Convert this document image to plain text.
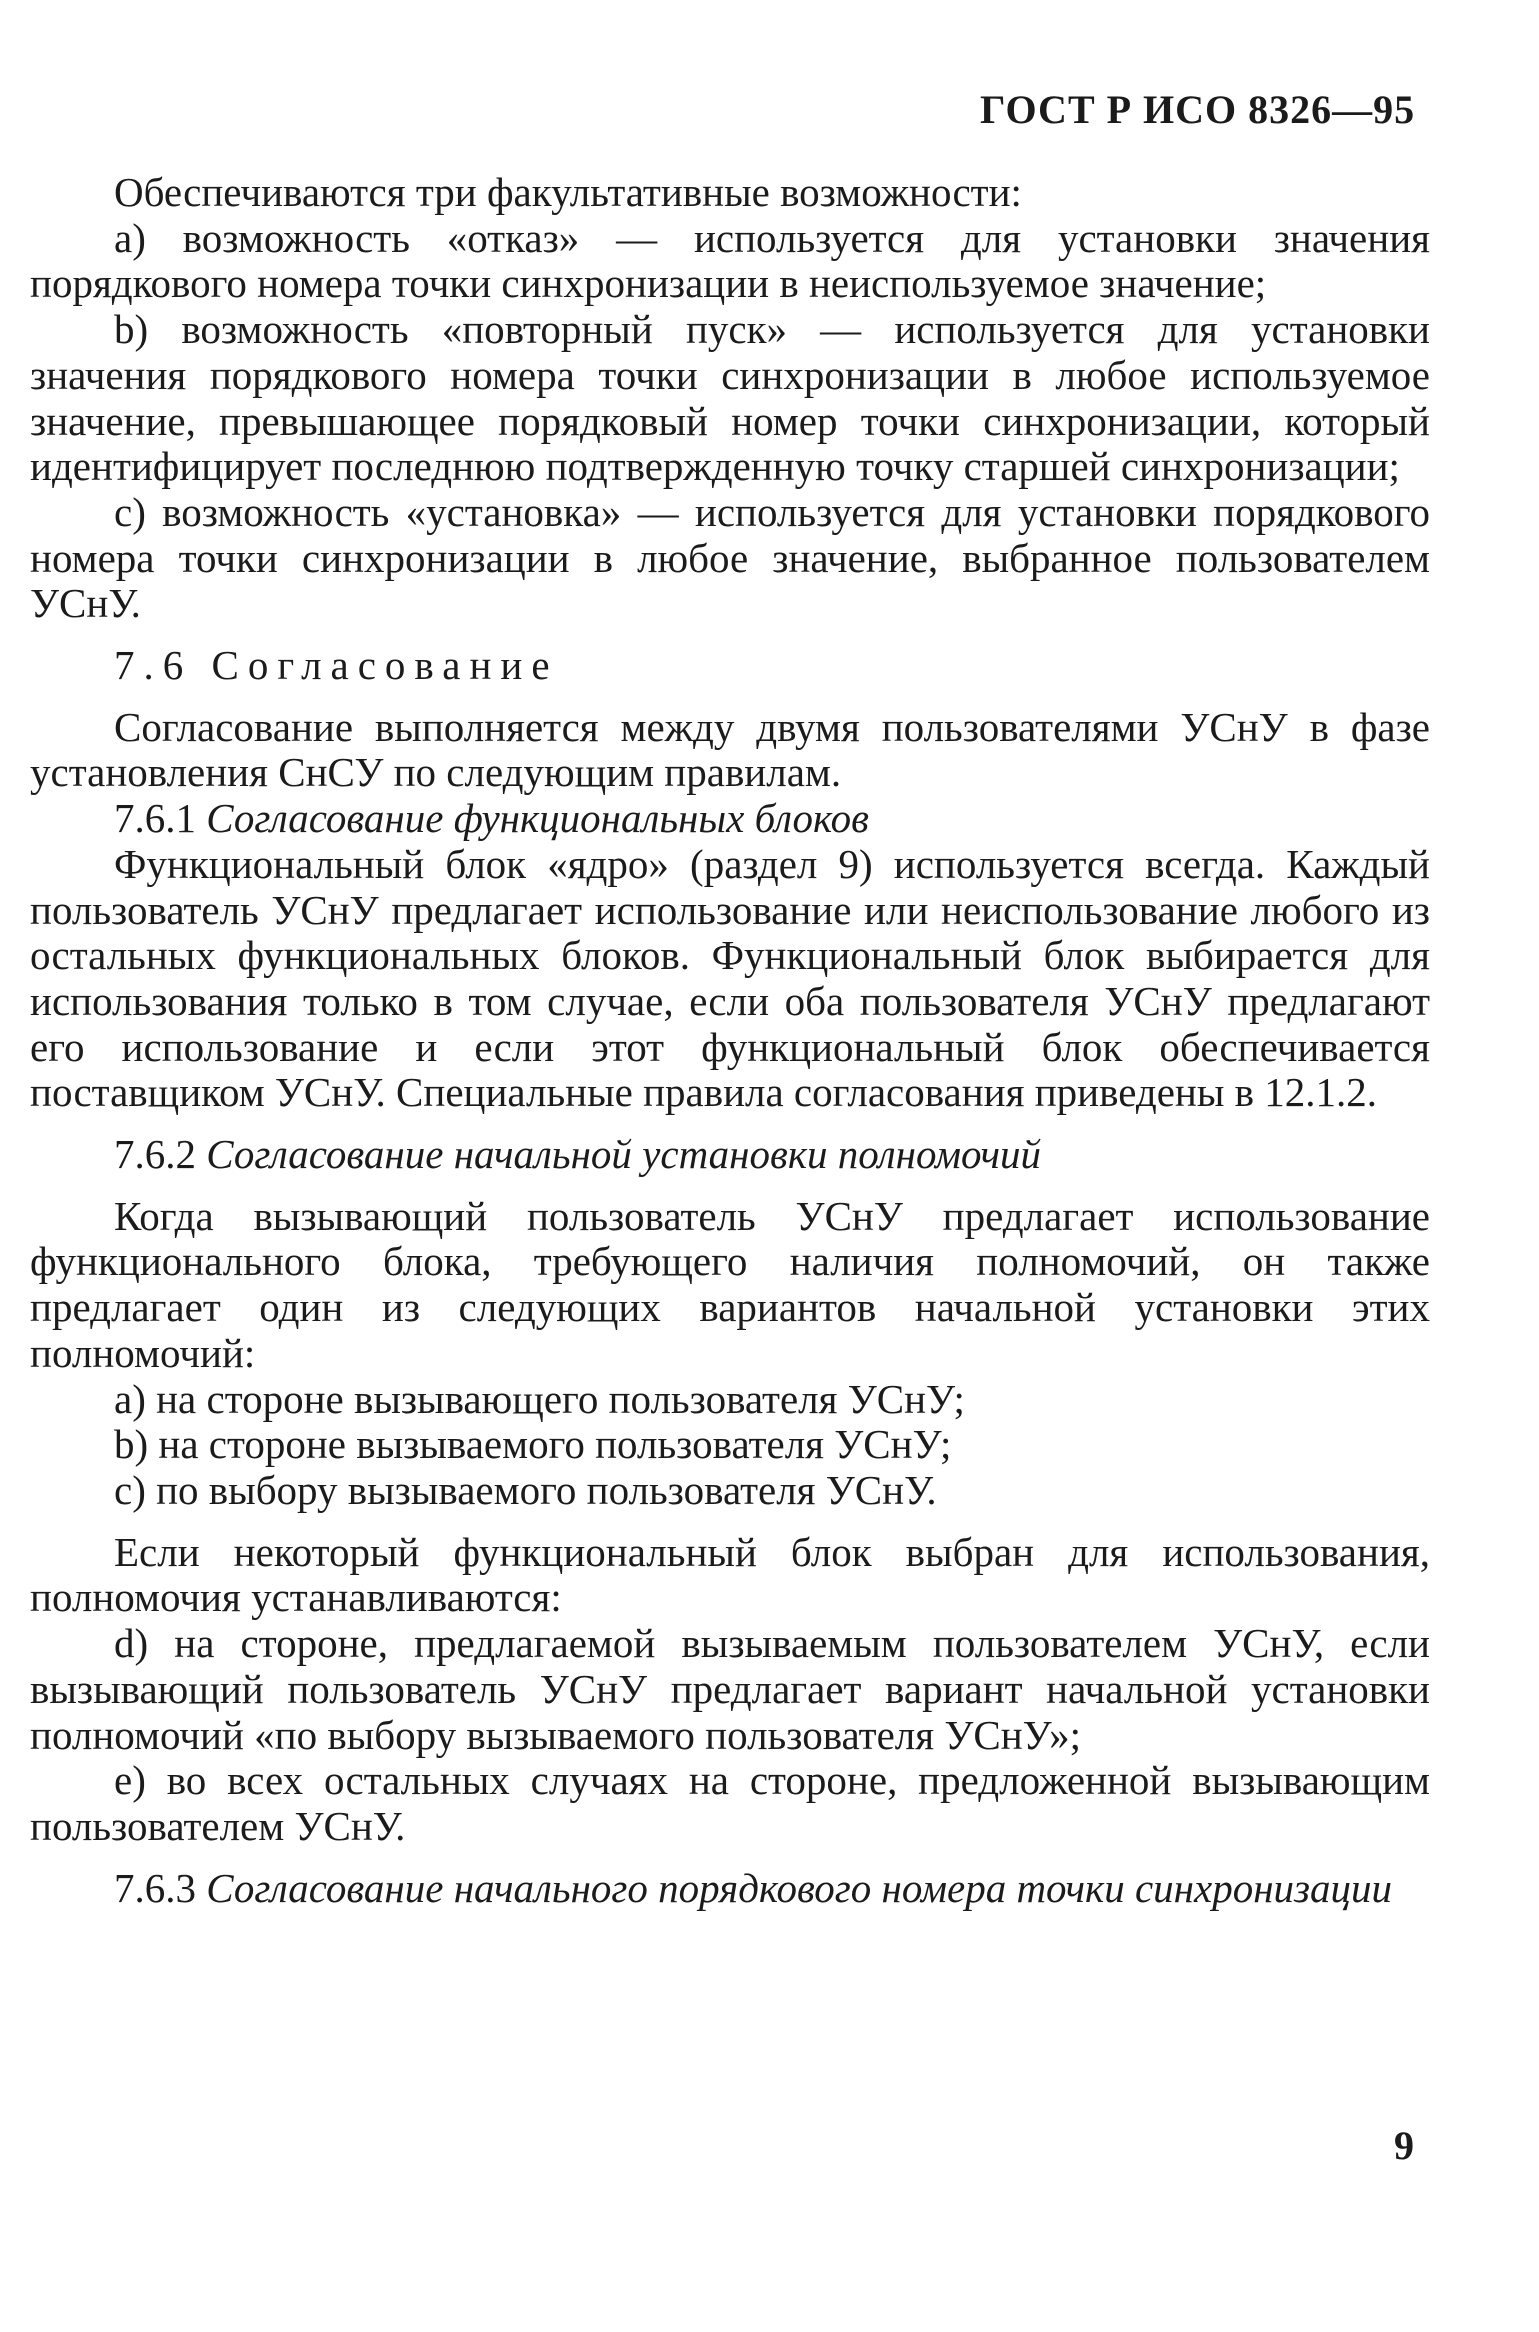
ГОСТ Р ИСО 8326—95

Обеспечиваются три факультативные возможности:

a) возможность «отказ» — используется для установки значения порядкового номера точки синхронизации в неиспользуемое значение;

b) возможность «повторный пуск» — используется для установки значения порядкового номера точки синхронизации в любое используемое значение, превышающее порядковый номер точки синхронизации, который идентифицирует последнюю подтвержденную точку старшей синхронизации;

c) возможность «установка» — используется для установки порядкового номера точки синхронизации в любое значение, выбранное пользователем УСнУ.

7.6 Согласование

Согласование выполняется между двумя пользователями УСнУ в фазе установления СнСУ по следующим правилам.

7.6.1 Согласование функциональных блоков

Функциональный блок «ядро» (раздел 9) используется всегда. Каждый пользователь УСнУ предлагает использование или неиспользование любого из остальных функциональных блоков. Функциональный блок выбирается для использования только в том случае, если оба пользователя УСнУ предлагают его использование и если этот функциональный блок обеспечивается поставщиком УСнУ. Специальные правила согласования приведены в 12.1.2.

7.6.2 Согласование начальной установки полномочий

Когда вызывающий пользователь УСнУ предлагает использование функционального блока, требующего наличия полномочий, он также предлагает один из следующих вариантов начальной установки этих полномочий:

a) на стороне вызывающего пользователя УСнУ;

b) на стороне вызываемого пользователя УСнУ;

c) по выбору вызываемого пользователя УСнУ.

Если некоторый функциональный блок выбран для использования, полномочия устанавливаются:

d) на стороне, предлагаемой вызываемым пользователем УСнУ, если вызывающий пользователь УСнУ предлагает вариант начальной установки полномочий «по выбору вызываемого пользователя УСнУ»;

e) во всех остальных случаях на стороне, предложенной вызывающим пользователем УСнУ.

7.6.3 Согласование начального порядкового номера точки синхронизации

9
